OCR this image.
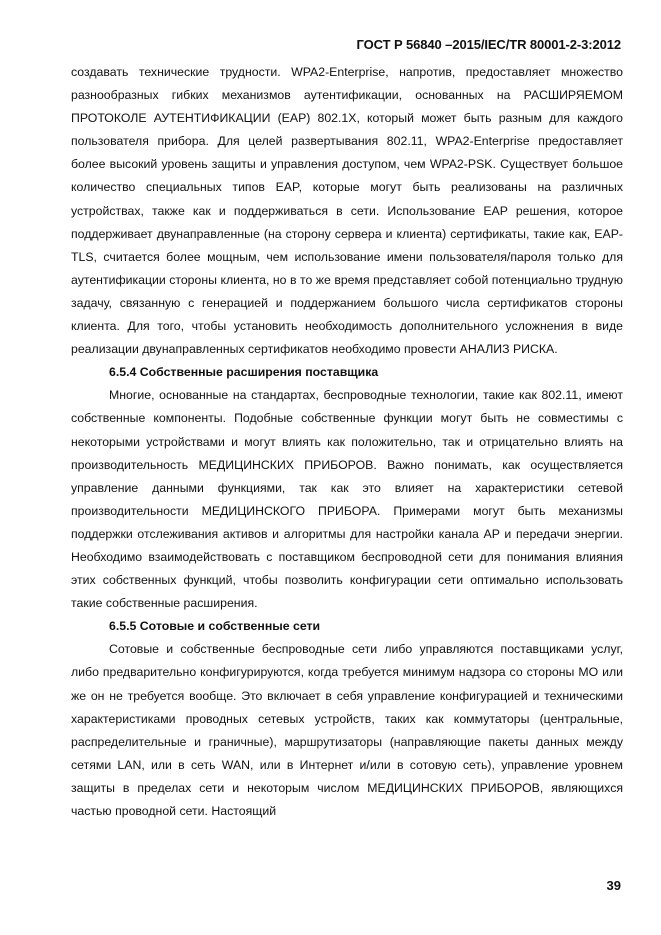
ГОСТ Р 56840 –2015/IEC/TR 80001-2-3:2012

создавать технические трудности. WPA2-Enterprise, напротив, предоставляет множество разнообразных гибких механизмов аутентификации, основанных на РАСШИРЯЕМОМ ПРОТОКОЛЕ АУТЕНТИФИКАЦИИ (EAP) 802.1X, который может быть разным для каждого пользователя прибора. Для целей развертывания 802.11, WPA2-Enterprise предоставляет более высокий уровень защиты и управления доступом, чем WPA2-PSK. Существует большое количество специальных типов EAP, которые могут быть реализованы на различных устройствах, также как и поддерживаться в сети. Использование EAP решения, которое поддерживает двунаправленные (на сторону сервера и клиента) сертификаты, такие как, EAP-TLS, считается более мощным, чем использование имени пользователя/пароля только для аутентификации стороны клиента, но в то же время представляет собой потенциально трудную задачу, связанную с генерацией и поддержанием большого числа сертификатов стороны клиента. Для того, чтобы установить необходимость дополнительного усложнения в виде реализации двунаправленных сертификатов необходимо провести АНАЛИЗ РИСКА.

6.5.4 Собственные расширения поставщика

Многие, основанные на стандартах, беспроводные технологии, такие как 802.11, имеют собственные компоненты. Подобные собственные функции могут быть не совместимы с некоторыми устройствами и могут влиять как положительно, так и отрицательно влиять на производительность МЕДИЦИНСКИХ ПРИБОРОВ. Важно понимать, как осуществляется управление данными функциями, так как это влияет на характеристики сетевой производительности МЕДИЦИНСКОГО ПРИБОРА. Примерами могут быть механизмы поддержки отслеживания активов и алгоритмы для настройки канала AP и передачи энергии. Необходимо взаимодействовать с поставщиком беспроводной сети для понимания влияния этих собственных функций, чтобы позволить конфигурации сети оптимально использовать такие собственные расширения.

6.5.5 Сотовые и собственные сети

Сотовые и собственные беспроводные сети либо управляются поставщиками услуг, либо предварительно конфигурируются, когда требуется минимум надзора со стороны МО или же он не требуется вообще. Это включает в себя управление конфигурацией и техническими характеристиками проводных сетевых устройств, таких как коммутаторы (центральные, распределительные и граничные), маршрутизаторы (направляющие пакеты данных между сетями LAN, или в сеть WAN, или в Интернет и/или в сотовую сеть), управление уровнем защиты в пределах сети и некоторым числом МЕДИЦИНСКИХ ПРИБОРОВ, являющихся частью проводной сети. Настоящий

39
